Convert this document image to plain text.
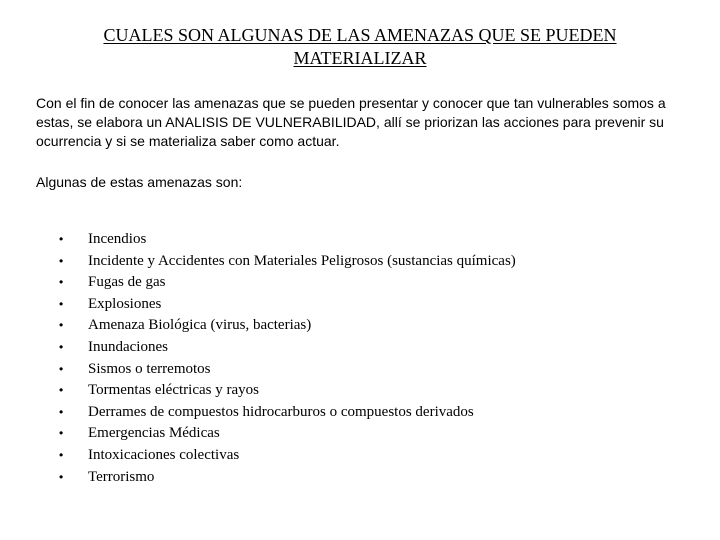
CUALES SON ALGUNAS DE LAS AMENAZAS QUE SE PUEDEN MATERIALIZAR
Con el fin de conocer las amenazas que se pueden presentar y conocer que tan vulnerables somos a estas, se elabora un ANALISIS DE VULNERABILIDAD, allí se priorizan las acciones para prevenir su ocurrencia y si se materializa saber como actuar.
Algunas de estas amenazas son:
• Incendios
• Incidente y Accidentes con Materiales Peligrosos (sustancias químicas)
• Fugas de gas
• Explosiones
• Amenaza Biológica (virus, bacterias)
• Inundaciones
• Sismos o terremotos
• Tormentas eléctricas y rayos
• Derrames de compuestos hidrocarburos o compuestos derivados
• Emergencias Médicas
• Intoxicaciones colectivas
• Terrorismo
